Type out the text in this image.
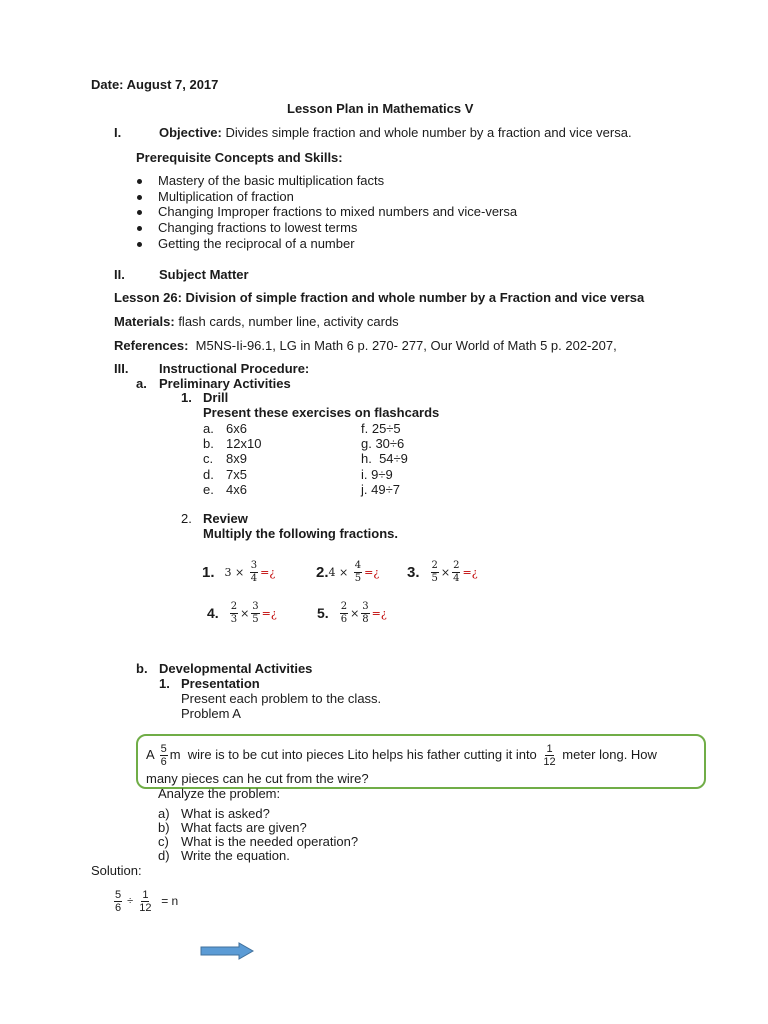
Date: August 7, 2017
Lesson Plan in Mathematics V
I.	Objective: Divides simple fraction and whole number by a fraction and vice versa.
Prerequisite Concepts and Skills:
Mastery of the basic multiplication facts
Multiplication of fraction
Changing Improper fractions to mixed numbers and vice-versa
Changing fractions to lowest terms
Getting the reciprocal of a number
II.	Subject Matter
Lesson 26: Division of simple fraction and whole number by a Fraction and vice versa
Materials: flash cards, number line, activity cards
References:  M5NS-Ii-96.1, LG in Math 6 p. 270- 277, Our World of Math 5 p. 202-207,
III. Instructional Procedure:
a. Preliminary Activities
1. Drill
Present these exercises on flashcards
a. 6x6	f. 25÷5
b. 12x10	g. 30÷6
c. 8x9	h.  54÷9
d. 7x5	i. 9÷9
e. 4x6	j. 49÷7
2. Review
Multiply the following fractions.
1. $3 \times \frac{3}{4}$ =¿	2. $4 \times \frac{4}{5}$ =¿ 3. $\frac{2}{5} \times \frac{2}{4}$ =¿
4. $\frac{2}{3} \times \frac{3}{5}$ =¿	5. $\frac{2}{6} \times \frac{3}{8}$ =¿
b. Developmental Activities
1. Presentation
Present each problem to the class.
Problem A
A $\frac{5}{6}$ m wire is to be cut into pieces Lito helps his father cutting it into $\frac{1}{12}$ meter long. How
many pieces can he cut from the wire?
Analyze the problem:
a) What is asked?
b) What facts are given?
c) What is the needed operation?
d) Write the equation.
Solution:
$\frac{5}{6} \div \frac{1}{12} = n$
